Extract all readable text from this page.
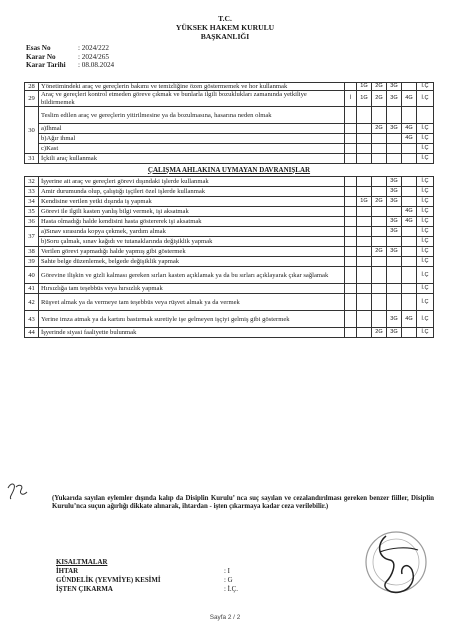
T.C.
YÜKSEK HAKEM KURULU
BAŞKANLIĞI
Esas No	: 2024/222
Karar No	: 2024/265
Karar Tarihi	: 08.08.2024
28	Yönetimindeki araç ve gereçlerin bakımı ve temizliğine özen göstermemek ve hor kullanmak		1G	2G	3G		İ.Ç
29	Araç ve gereçleri kontrol etmeden göreve çıkmak ve bunlarla ilgili bozuklukları zamanında yetkiliye bildirmemek	İ	1G	2G	3G	4G	İ.Ç
30	Teslim edilen araç ve gereçlerin yitirilmesine ya da bozulmasına, hasarına neden olmak						
	a)İhmal			2G	3G	4G	İ.Ç
	b)Ağır ihmal					4G	İ.Ç
	c)Kast						İ.Ç
31	İçkili araç kullanmak						İ.Ç
ÇALIŞMA AHLAKINA UYMAYAN DAVRANIŞLAR							
32	İşyerine ait araç ve gereçleri görevi dışındaki işlerde kullanmak				3G		İ.Ç
33	Amir durumunda olup, çalıştığı işçileri özel işlerde kullanmak				3G		İ.Ç
34	Kendisine verilen yetki dışında iş yapmak		1G	2G	3G		İ.Ç
35	Görevi ile ilgili kasten yanlış bilgi vermek, işi aksatmak					4G	İ.Ç
36	Hasta olmadığı halde kendisini hasta göstererek işi aksatmak				3G	4G	İ.Ç
37	a)Sınav sırasında kopya çekmek, yardım almak				3G		İ.Ç
	b)Soru çalmak, sınav kağıdı ve tutanaklarında değişiklik yapmak						İ.Ç
38	Verilen görevi yapmadığı halde yapmış gibi göstermek			2G	3G		İ.Ç
39	Sahte belge düzenlemek, belgede değişiklik yapmak						İ.Ç
40	Görevine ilişkin ve gizli kalması gereken sırları kasten açıklamak ya da bu sırları açıklayarak çıkar sağlamak						İ.Ç
41	Hırsızlığa tam teşebbüs veya hırsızlık yapmak						İ.Ç
42	Rüşvet almak ya da vermeye tam teşebbüs veya rüşvet almak ya da vermek						İ.Ç
43	Yerine imza atmak ya da kartını bastırmak suretiyle işe gelmeyen işçiyi gelmiş gibi göstermek				3G	4G	İ.Ç
44	İşyerinde siyasi faaliyette bulunmak			2G	3G		İ.Ç
(Yukarıda sayılan eylemler dışında kalıp da Disiplin Kurulu’ nca suç sayılan ve cezalandırılması gereken benzer fiiller, Disiplin Kurulu’nca suçun ağırlığı dikkate alınarak, ihtardan - işten çıkarmaya kadar ceza verilebilir.)
KISALTMALAR
İHTAR	: I
GÜNDELİK (YEVMİYE) KESİMİ	: G
İŞTEN ÇIKARMA	: İ.Ç.
Sayfa 2 / 2
